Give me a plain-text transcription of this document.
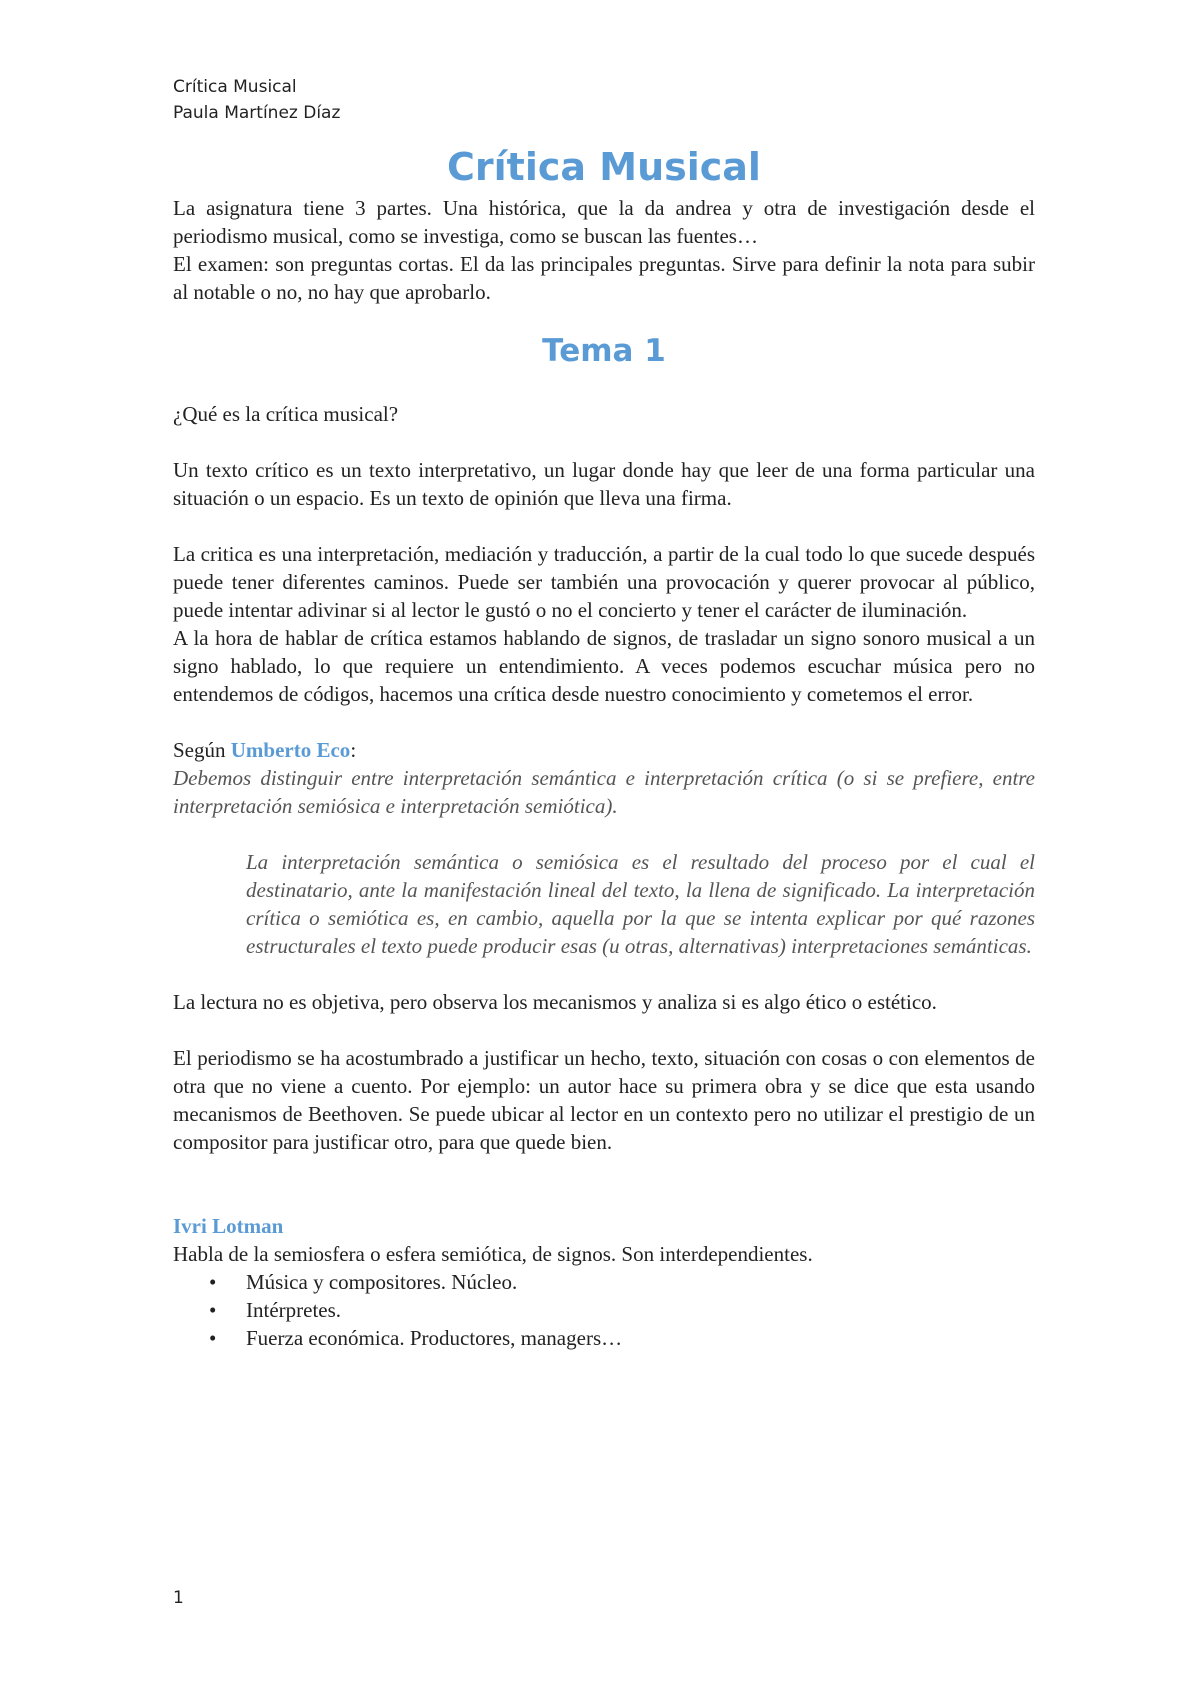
Crítica Musical
Paula Martínez Díaz
Crítica Musical

La asignatura tiene 3 partes. Una histórica, que la da andrea y otra de investigación desde el periodismo musical, como se investiga, como se buscan las fuentes…

El examen: son preguntas cortas. El da las principales preguntas. Sirve para definir la nota para subir al notable o no, no hay que aprobarlo.

Tema 1

¿Qué es la crítica musical?

Un texto crítico es un texto interpretativo, un lugar donde hay que leer de una forma particular una situación o un espacio. Es un texto de opinión que lleva una firma.

La critica es una interpretación, mediación y traducción, a partir de la cual todo lo que sucede después puede tener diferentes caminos. Puede ser también una provocación y querer provocar al público, puede intentar adivinar si al lector le gustó o no el concierto y tener el carácter de iluminación.

A la hora de hablar de crítica estamos hablando de signos, de trasladar un signo sonoro musical a un signo hablado, lo que requiere un entendimiento. A veces podemos escuchar música pero no entendemos de códigos, hacemos una crítica desde nuestro conocimiento y cometemos el error.

Según Umberto Eco:

Debemos distinguir entre interpretación semántica e interpretación crítica (o si se prefiere, entre interpretación semiósica e interpretación semiótica).

La interpretación semántica o semiósica es el resultado del proceso por el cual el destinatario, ante la manifestación lineal del texto, la llena de significado. La interpretación crítica o semiótica es, en cambio, aquella por la que se intenta explicar por qué razones estructurales el texto puede producir esas (u otras, alternativas) interpretaciones semánticas.

La lectura no es objetiva, pero observa los mecanismos y analiza si es algo ético o estético.

El periodismo se ha acostumbrado a justificar un hecho, texto, situación con cosas o con elementos de otra que no viene a cuento. Por ejemplo: un autor hace su primera obra y se dice que esta usando mecanismos de Beethoven. Se puede ubicar al lector en un contexto pero no utilizar el prestigio de un compositor para justificar otro, para que quede bien.

Ivri Lotman

Habla de la semiosfera o esfera semiótica, de signos. Son interdependientes.

• Música y compositores. Núcleo.
• Intérpretes.
• Fuerza económica. Productores, managers…
1
